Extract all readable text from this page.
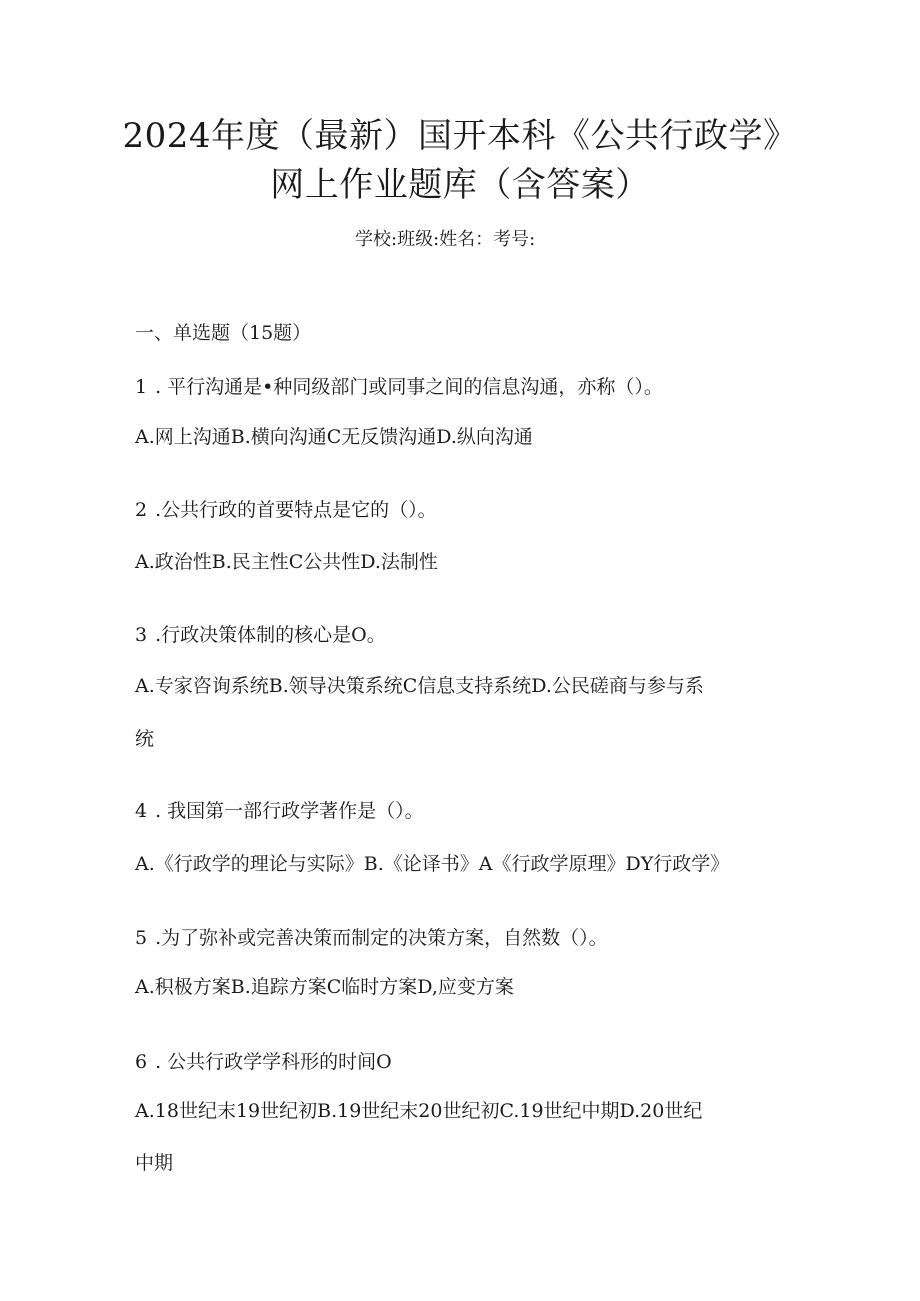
2024年度（最新）国开本科《公共行政学》
网上作业题库（含答案）
学校:班级:姓名：考号:
一、单选题（15题）
1 . 平行沟通是•种同级部门或同事之间的信息沟通，亦称（）。
A.网上沟通B.横向沟通C无反馈沟通D.纵向沟通
2 .公共行政的首要特点是它的（）。
A.政治性B.民主性C公共性D.法制性
3 .行政决策体制的核心是O。
A.专家咨询系统B.领导决策系统C信息支持系统D.公民磋商与参与系
统
4 . 我国第一部行政学著作是（）。
A.《行政学的理论与实际》B.《论译书》A《行政学原理》DY行政学》
5 .为了弥补或完善决策而制定的决策方案，自然数（）。
A.积极方案B.追踪方案C临时方案D,应变方案
6 . 公共行政学学科形的时间O
A.18世纪末19世纪初B.19世纪末20世纪初C.19世纪中期D.20世纪
中期
